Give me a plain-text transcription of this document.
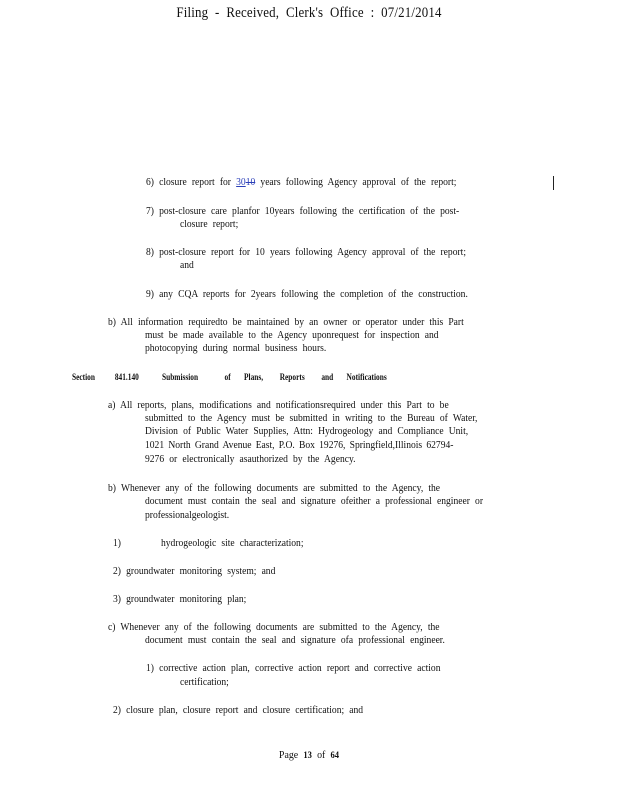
Filing - Received, Clerk's Office : 07/21/2014
6) closure report for 3010 years following Agency approval of the report;
7) post-closure care planfor 10years following the certification of the post-
closure report;
8) post-closure report for 10 years following Agency approval of the report;
and
9) any CQA reports for 2years following the completion of the construction.
b) All information requiredto be maintained by an owner or operator under this Part
must be made available to the Agency uponrequest for inspection and
photocopying during normal business hours.
Section 841.140	Submission	of Plans, Reports and Notifications
a) All reports, plans, modifications and notificationsrequired under this Part to be
submitted to the Agency must be submitted in writing to the Bureau of Water,
Division of Public Water Supplies, Attn: Hydrogeology and Compliance Unit,
1021 North Grand Avenue East, P.O. Box 19276, Springfield,Illinois 62794-
9276 or electronically asauthorized by the Agency.
b) Whenever any of the following documents are submitted to the Agency, the
document must contain the seal and signature ofeither a professional engineer or
professionalgeologist.
1)	hydrogeologic site characterization;
2) groundwater monitoring system; and
3) groundwater monitoring plan;
c) Whenever any of the following documents are submitted to the Agency, the
document must contain the seal and signature ofa professional engineer.
1) corrective action plan, corrective action report and corrective action
certification;
2) closure plan, closure report and closure certification; and
Page 13 of 64
